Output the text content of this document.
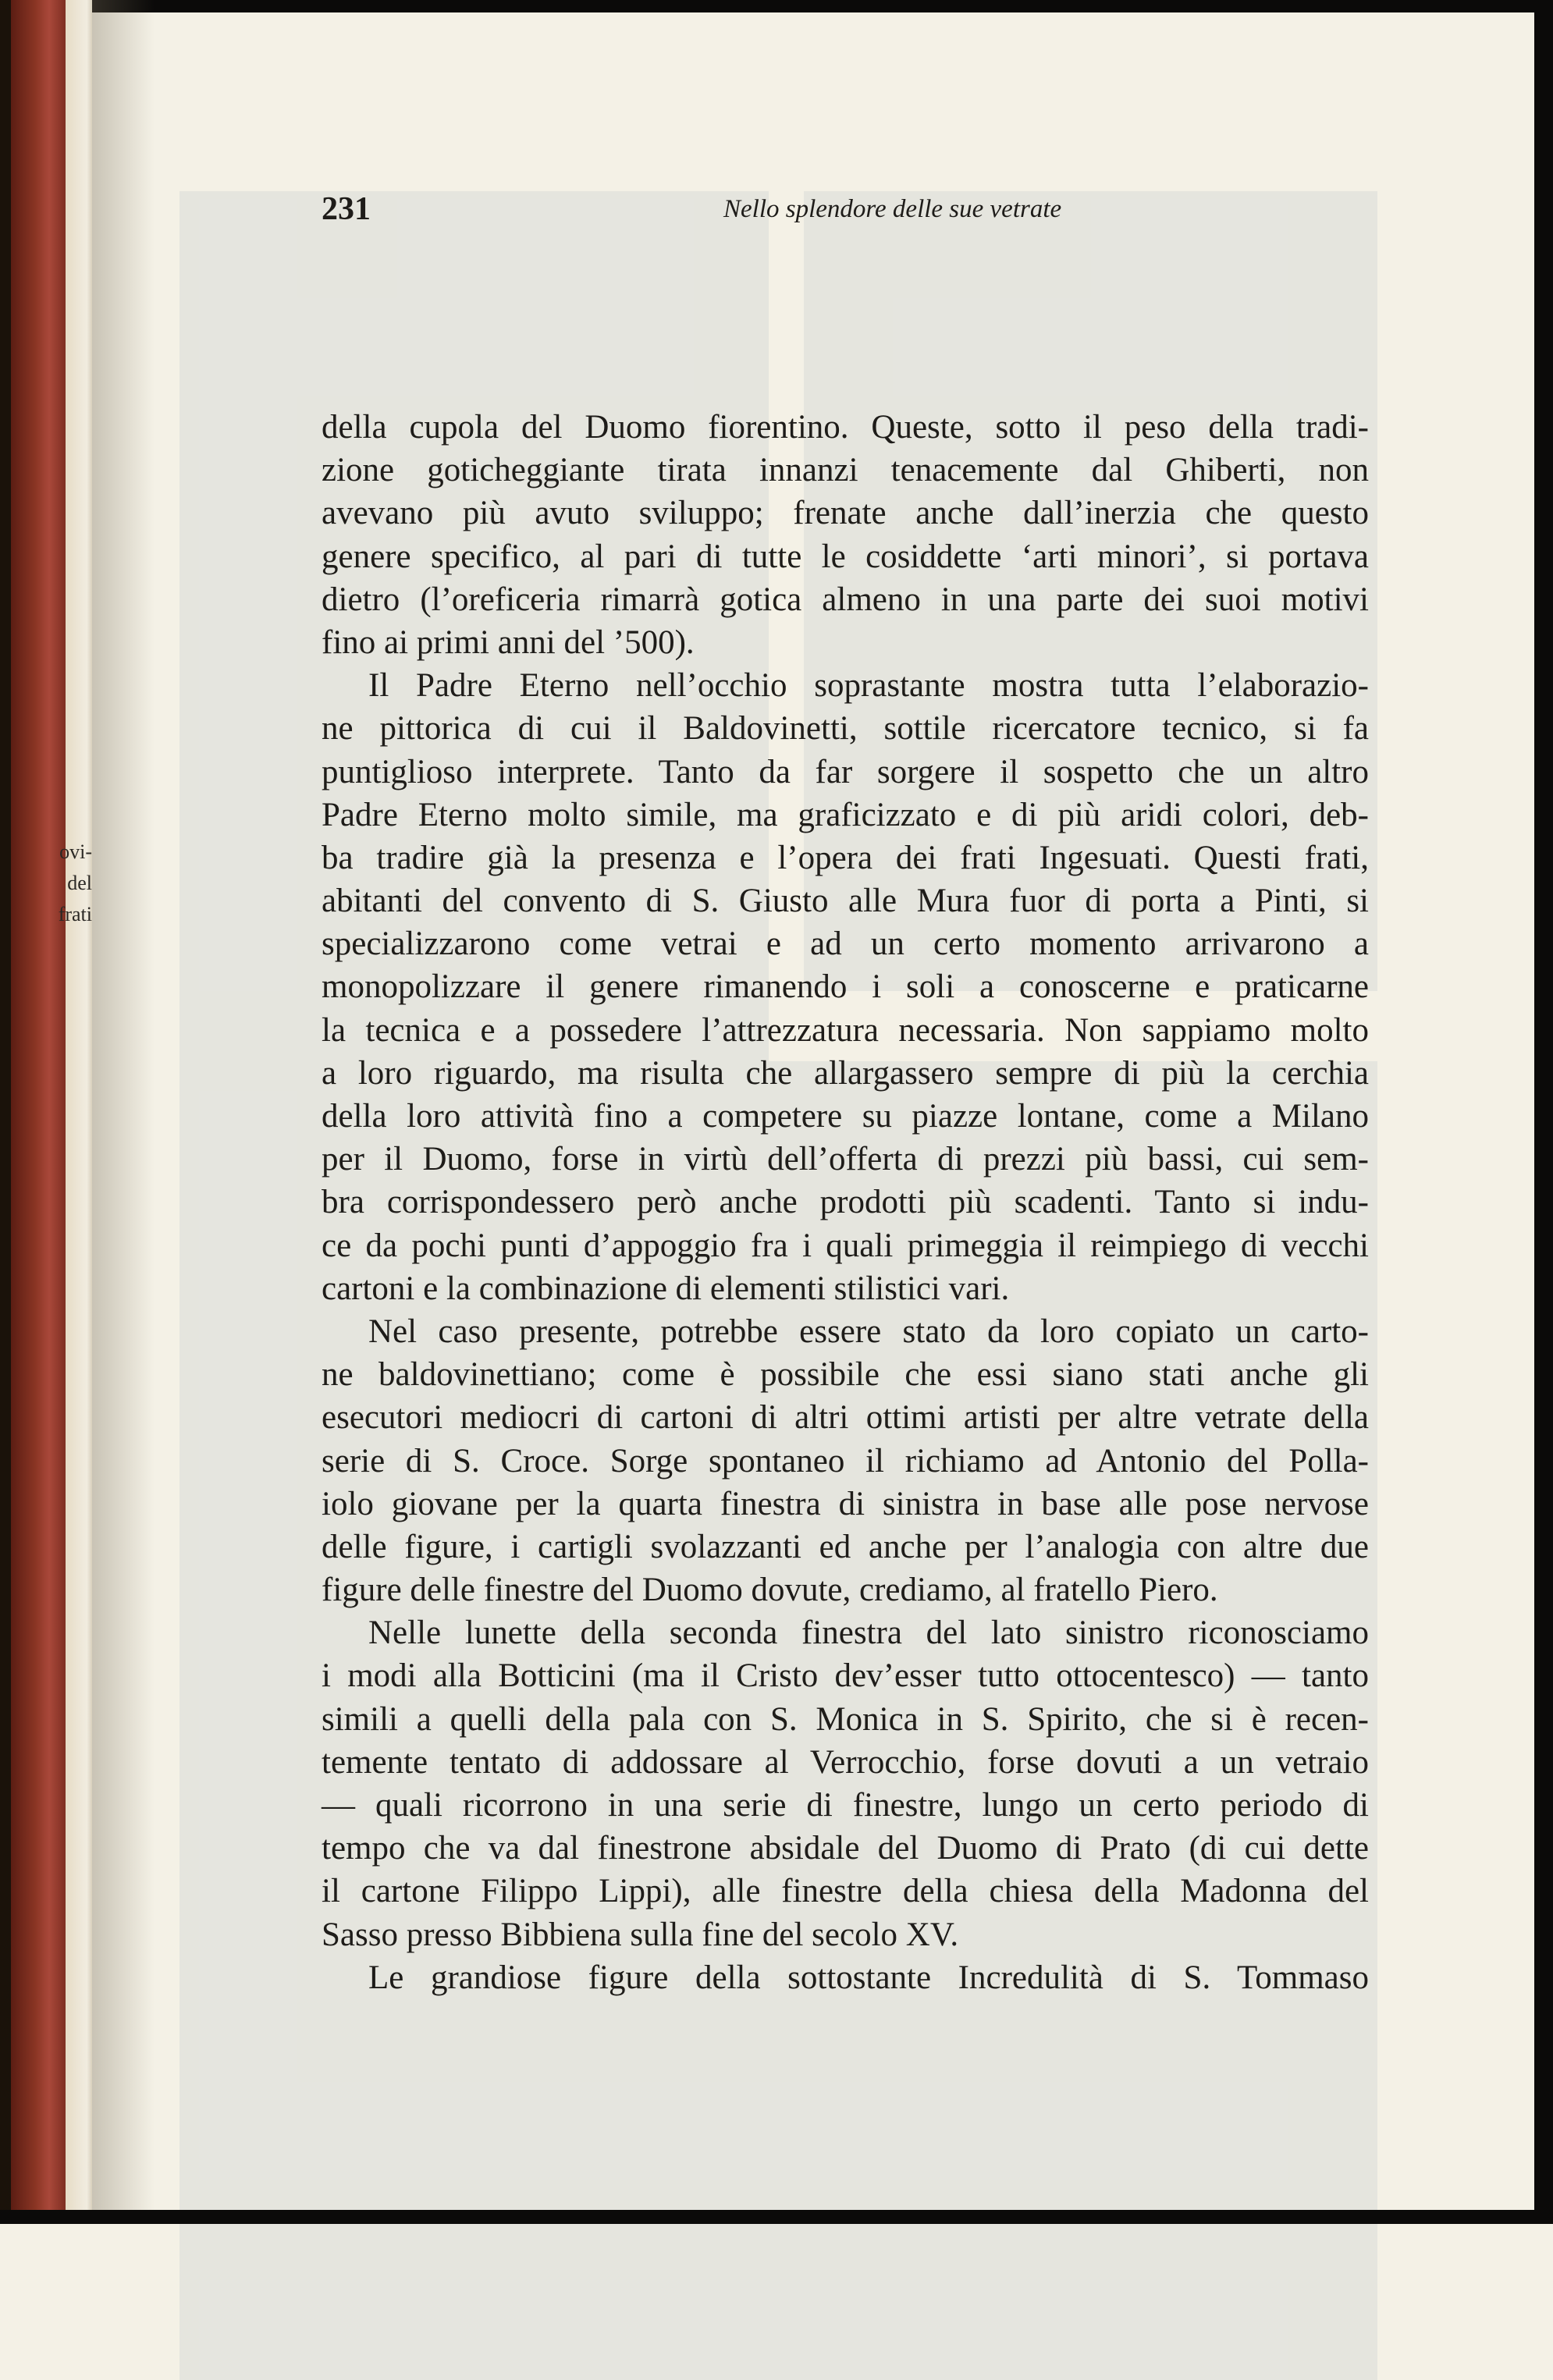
ovi-
del
frati
231	Nello splendore delle sue vetrate
della cupola del Duomo fiorentino. Queste, sotto il peso della tradi-
zione goticheggiante tirata innanzi tenacemente dal Ghiberti, non
avevano più avuto sviluppo; frenate anche dall’inerzia che questo
genere specifico, al pari di tutte le cosiddette ‘arti minori’, si portava
dietro (l’oreficeria rimarrà gotica almeno in una parte dei suoi motivi
fino ai primi anni del ’500).
Il Padre Eterno nell’occhio soprastante mostra tutta l’elaborazio-
ne pittorica di cui il Baldovinetti, sottile ricercatore tecnico, si fa
puntiglioso interprete. Tanto da far sorgere il sospetto che un altro
Padre Eterno molto simile, ma graficizzato e di più aridi colori, deb-
ba tradire già la presenza e l’opera dei frati Ingesuati. Questi frati,
abitanti del convento di S. Giusto alle Mura fuor di porta a Pinti, si
specializzarono come vetrai e ad un certo momento arrivarono a
monopolizzare il genere rimanendo i soli a conoscerne e praticarne
la tecnica e a possedere l’attrezzatura necessaria. Non sappiamo molto
a loro riguardo, ma risulta che allargassero sempre di più la cerchia
della loro attività fino a competere su piazze lontane, come a Milano
per il Duomo, forse in virtù dell’offerta di prezzi più bassi, cui sem-
bra corrispondessero però anche prodotti più scadenti. Tanto si indu-
ce da pochi punti d’appoggio fra i quali primeggia il reimpiego di vecchi
cartoni e la combinazione di elementi stilistici vari.
Nel caso presente, potrebbe essere stato da loro copiato un carto-
ne baldovinettiano; come è possibile che essi siano stati anche gli
esecutori mediocri di cartoni di altri ottimi artisti per altre vetrate della
serie di S. Croce. Sorge spontaneo il richiamo ad Antonio del Polla-
iolo giovane per la quarta finestra di sinistra in base alle pose nervose
delle figure, i cartigli svolazzanti ed anche per l’analogia con altre due
figure delle finestre del Duomo dovute, crediamo, al fratello Piero.
Nelle lunette della seconda finestra del lato sinistro riconosciamo
i modi alla Botticini (ma il Cristo dev’esser tutto ottocentesco) — tanto
simili a quelli della pala con S. Monica in S. Spirito, che si è recen-
temente tentato di addossare al Verrocchio, forse dovuti a un vetraio
— quali ricorrono in una serie di finestre, lungo un certo periodo di
tempo che va dal finestrone absidale del Duomo di Prato (di cui dette
il cartone Filippo Lippi), alle finestre della chiesa della Madonna del
Sasso presso Bibbiena sulla fine del secolo XV.
Le grandiose figure della sottostante Incredulità di S. Tommaso
